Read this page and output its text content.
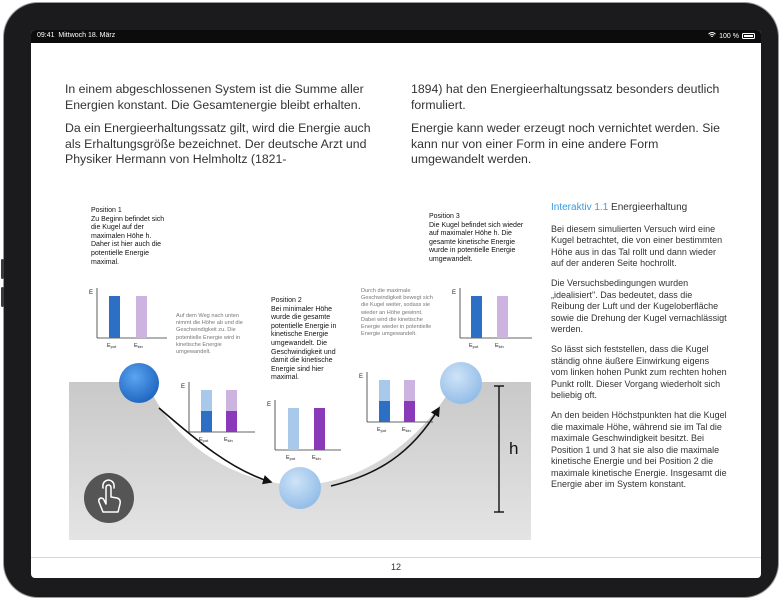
09:41 Mittwoch 18. März	100 %

In einem abgeschlossenen System ist die Summe aller Energien konstant. Die Gesamtenergie bleibt erhalten.

Da ein Energieerhaltungssatz gilt, wird die Energie auch als Erhaltungsgröße bezeichnet. Der deutsche Arzt und Physiker Hermann von Helmholtz (1821-

1894) hat den Energieerhaltungssatz besonders deutlich formuliert.

Energie kann weder erzeugt noch vernichtet werden. Sie kann nur von einer Form in eine andere Form umgewandelt werden.

h
E
Epot	Ekin
E
Epot	Ekin
E
Epot	Ekin
E
Epot	Ekin
E
Epot	Ekin
Position 1
Zu Beginn befindet sich die Kugel auf der maximalen Höhe h. Daher ist hier auch die potentielle Energie maximal.
Auf dem Weg nach unten nimmt die Höhe ab und die Geschwindigkeit zu. Die potentielle Energie wird in kinetische Energie umgewandelt.
Position 2
Bei minimaler Höhe wurde die gesamte potentielle Energie in kinetische Energie umgewandelt. Die Geschwindigkeit und damit die kinetische Energie sind hier maximal.
Durch die maximale Geschwindigkeit bewegt sich die Kugel weiter, sodass sie wieder an Höhe gewinnt. Dabei wird die kinetische Energie wieder in potentielle Energie umgewandelt.
Position 3
Die Kugel befindet sich wieder auf maximaler Höhe h. Die gesamte kinetische Energie wurde in potentielle Energie umgewandelt.

Interaktiv 1.1 Energieerhaltung

Bei diesem simulierten Versuch wird eine Kugel betrachtet, die von einer bestimmten Höhe aus in das Tal rollt und dann wieder auf der anderen Seite hochrollt.

Die Versuchsbedingungen wurden „idealisiert". Das bedeutet, dass die Reibung der Luft und der Kugeloberfläche sowie die Drehung der Kugel vernachlässigt werden.

So lässt sich feststellen, dass die Kugel ständig ohne äußere Einwirkung eigens vom linken hohen Punkt zum rechten hohen Punkt rollt. Dieser Vorgang wiederholt sich beliebig oft.

An den beiden Höchstpunkten hat die Kugel die maximale Höhe, während sie im Tal die maximale Geschwindigkeit besitzt. Bei Position 1 und 3 hat sie also die maximale kinetische Energie und bei Position 2 die maximale kinetische Energie. Insgesamt die Energie aber im System konstant.

12
